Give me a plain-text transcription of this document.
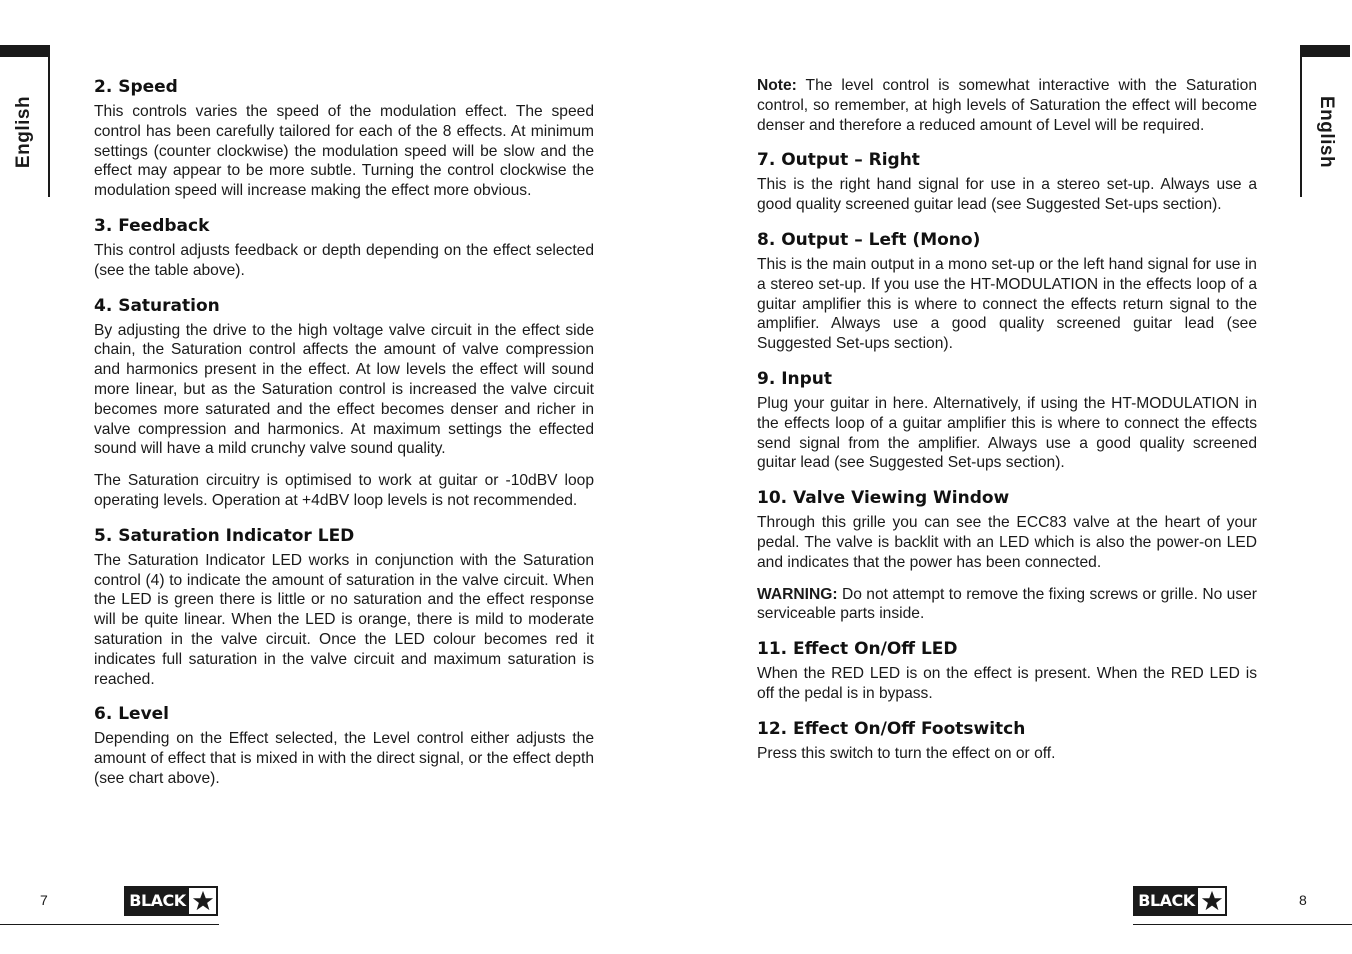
English	English
2. Speed

This controls varies the speed of the modulation effect. The speed control has been carefully tailored for each of the 8 effects. At minimum settings (counter clockwise) the modulation speed will be slow and the effect may appear to be more subtle. Turning the control clockwise the modulation speed will increase making the effect more obvious.

3. Feedback

This control adjusts feedback or depth depending on the effect selected (see the table above).

4. Saturation

By adjusting the drive to the high voltage valve circuit in the effect side chain, the Saturation control affects the amount of valve compression and harmonics present in the effect. At low levels the effect will sound more linear, but as the Saturation control is increased the valve circuit becomes more saturated and the effect becomes denser and richer in valve compression and harmonics. At maximum settings the effected sound will have a mild crunchy valve sound quality.

The Saturation circuitry is optimised to work at guitar or -10dBV loop operating levels. Operation at +4dBV loop levels is not recommended.

5. Saturation Indicator LED

The Saturation Indicator LED works in conjunction with the Saturation control (4) to indicate the amount of saturation in the valve circuit. When the LED is green there is little or no saturation and the effect response will be quite linear. When the LED is orange, there is mild to moderate saturation in the valve circuit. Once the LED colour becomes red it indicates full saturation in the valve circuit and maximum saturation is reached.

6. Level

Depending on the Effect selected, the Level control either adjusts the amount of effect that is mixed in with the direct signal, or the effect depth (see chart above).

Note: The level control is somewhat interactive with the Saturation control, so remember, at high levels of Saturation the effect will become denser and therefore a reduced amount of Level will be required.

7. Output – Right

This is the right hand signal for use in a stereo set-up. Always use a good quality screened guitar lead (see Suggested Set-ups section).

8. Output – Left (Mono)

This is the main output in a mono set-up or the left hand signal for use in a stereo set-up. If you use the HT-MODULATION in the effects loop of a guitar amplifier this is where to connect the effects return signal to the amplifier. Always use a good quality screened guitar lead (see Suggested Set-ups section).

9. Input

Plug your guitar in here. Alternatively, if using the HT-MODULATION in the effects loop of a guitar amplifier this is where to connect the effects send signal from the amplifier. Always use a good quality screened guitar lead (see Suggested Set-ups section).

10. Valve Viewing Window

Through this grille you can see the ECC83 valve at the heart of your pedal. The valve is backlit with an LED which is also the power-on LED and indicates that the power has been connected.

WARNING: Do not attempt to remove the fixing screws or grille. No user serviceable parts inside.

11. Effect On/Off LED

When the RED LED is on the effect is present. When the RED LED is off the pedal is in bypass.

12. Effect On/Off Footswitch

Press this switch to turn the effect on or off.

7	8
BLACK	BLACK
